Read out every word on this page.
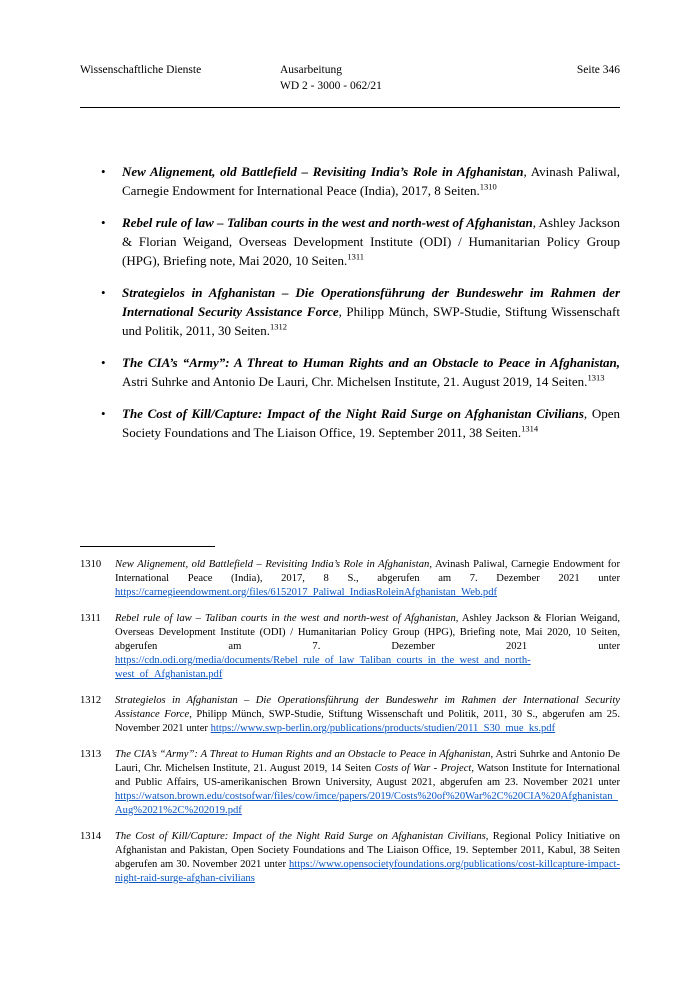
Wissenschaftliche Dienste	Ausarbeitung
WD 2 - 3000 - 062/21
Seite 346
• New Alignement, old Battlefield – Revisiting India’s Role in Afghanistan, Avinash Paliwal, Carnegie Endowment for International Peace (India), 2017, 8 Seiten.$^{1310}$
• Rebel rule of law – Taliban courts in the west and north-west of Afghanistan, Ashley Jackson & Florian Weigand, Overseas Development Institute (ODI) / Humanitarian Policy Group (HPG), Briefing note, Mai 2020, 10 Seiten.$^{1311}$
• Strategielos in Afghanistan – Die Operationsführung der Bundeswehr im Rahmen der International Security Assistance Force, Philipp Münch, SWP-Studie, Stiftung Wissenschaft und Politik, 2011, 30 Seiten.$^{1312}$
• The CIA’s “Army”: A Threat to Human Rights and an Obstacle to Peace in Afghanistan, Astri Suhrke and Antonio De Lauri, Chr. Michelsen Institute, 21. August 2019, 14 Seiten.$^{1313}$
• The Cost of Kill/Capture: Impact of the Night Raid Surge on Afghanistan Civilians, Open Society Foundations and The Liaison Office, 19. September 2011, 38 Seiten.$^{1314}$
1310	New Alignement, old Battlefield – Revisiting India’s Role in Afghanistan, Avinash Paliwal, Carnegie Endowment for International Peace (India), 2017, 8 S., abgerufen am 7. Dezember 2021 unter https://carnegieendowment.org/files/6152017_Paliwal_IndiasRoleinAfghanistan_Web.pdf
1311	Rebel rule of law – Taliban courts in the west and north-west of Afghanistan, Ashley Jackson & Florian Weigand, Overseas Development Institute (ODI) / Humanitarian Policy Group (HPG), Briefing note, Mai 2020, 10 Seiten, abgerufen am 7. Dezember 2021 unter https://cdn.odi.org/media/documents/Rebel_rule_of_law_Taliban_courts_in_the_west_and_north-west_of_Afghanistan.pdf
1312	Strategielos in Afghanistan – Die Operationsführung der Bundeswehr im Rahmen der International Security Assistance Force, Philipp Münch, SWP-Studie, Stiftung Wissenschaft und Politik, 2011, 30 S., abgerufen am 25. November 2021 unter https://www.swp-berlin.org/publications/products/studien/2011_S30_mue_ks.pdf
1313	The CIA’s “Army”: A Threat to Human Rights and an Obstacle to Peace in Afghanistan, Astri Suhrke and Antonio De Lauri, Chr. Michelsen Institute, 21. August 2019, 14 Seiten Costs of War - Project, Watson Institute for International and Public Affairs, US-amerikanischen Brown University, August 2021, abgerufen am 23. November 2021 unter https://watson.brown.edu/costsofwar/files/cow/imce/papers/2019/Costs%20of%20War%2C%20CIA%20Afghanistan_Aug%2021%2C%202019.pdf
1314	The Cost of Kill/Capture: Impact of the Night Raid Surge on Afghanistan Civilians, Regional Policy Initiative on Afghanistan and Pakistan, Open Society Foundations and The Liaison Office, 19. September 2011, Kabul, 38 Seiten abgerufen am 30. November 2021 unter https://www.opensocietyfoundations.org/publications/cost-killcapture-impact-night-raid-surge-afghan-civilians
